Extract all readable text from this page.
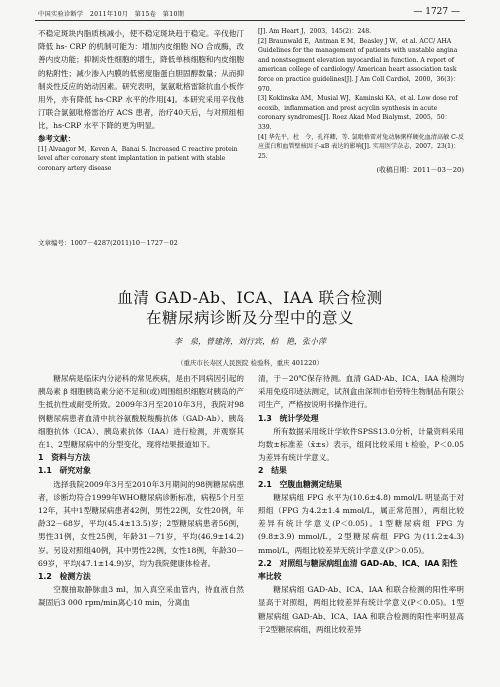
中国实验诊断学　2011年10月　第15卷　第10期	— 1727 —

不稳定斑块内脂质核减小，使不稳定斑块趋于稳定。辛伐他汀降低 hs- CRP 的机制可能为：增加内皮细胞 NO 合成酶，改善内皮功能；抑制炎性细胞的增生，降低单核细胞和内皮细胞的粘附性；减少渗入内膜的低密度脂蛋白胆固醇数量；从而抑制炎性反应的始动因素。研究表明，氯氨吡格雷除抗血小板作用外，亦有降低 hs-CRP 水平的作用[4]。本研究采用辛伐他汀联合氯氨吡格雷治疗 ACS 患者，治疗40天后，与对照组相比，hs-CRP 水平下降的更为明显。

参考文献：

[1] Alvaagor M，Keven A，Banai S. Increased C reactive protein level after coronary stent implantation in patient with stable coronary artery disease

[J]. Am Heart J，2003，145(2)：248.

[2] Braunwald E，Antman E M，Beasley J W，et al. ACC/ AHA Guidelines for the management of patients with unstable angina and nonstsegment elevation myocardial in function. A report of american college of cardiology/ American heart association task force on practice guidelines[J]. J Am Coll Cardiol，2000，36(3)：970.

[3] Koklinska AM，Musial WJ，Kaminski KA，et al. Low dose rof ecoxib，inflammation and prest acyclin synthesis in acute coronary syndromes[J]. Roez Akad Med Bialymst，2005，50：339.

[4] 华先平，杜　令，孔祥卿，等. 氯吡格雷对兔动脉粥样硬化血清高敏 C-反应蛋白和血管壁核因子-κB 表达的影响[J]. 实用医学杂志，2007，23(1)：25.

(收稿日期：2011－03－20)
文章编号：1007－4287(2011)10－1727－02
血清 GAD-Ab、ICA、IAA 联合检测
在糖尿病诊断及分型中的意义
李　泉，曾建涛，刘行宾，柏　艳，张小萍
（重庆市长寿区人民医院 检验科，重庆 401220）

糖尿病是临床内分泌科的常见疾病，是由不同病因引起的胰岛素 β 细胞胰岛素分泌不足和(或)周围组织细胞对胰岛的产生抵抗性或耐受所致。2009年3月至2010年3月，我院对98例糖尿病患者血清中抗谷氨酸脱羧酶抗体（GAD-Ab）、胰岛细胞抗体（ICA）、胰岛素抗体（IAA）进行检测，并观察其在1、2型糖尿病中的分型变化，现将结果报道如下。

1　资料与方法

1.1　研究对象

选择我院2009年3月至2010年3月期间的98例糖尿病患者，诊断均符合1999年WHO糖尿病诊断标准，病程5个月至12年，其中1型糖尿病患者42例，男性22例，女性20例，年龄32－68岁，平均(45.4±13.5)岁；2型糖尿病患者56例，男性31例，女性25例，年龄31－71岁，平均(46.9±14.2)岁。另设对照组40例，其中男性22例，女性18例，年龄30－69岁，平均(47.1±14.9)岁，均为我院健康体检者。

1.2　检测方法

空腹抽取静脉血3 ml，加入真空采血管内，待血液自然凝固后3 000 rpm/min离心10 min，分离血

清，于－20℃保存待测。血清 GAD-Ab、ICA、IAA 检测均采用免疫印迹法测定，试剂盒由深圳市伯劳特生物制品有限公司生产，严格按说明书操作进行。

1.3　统计学处理

所有数据采用统计学软件SPSS13.0分析，计量资料采用均数±标准差（x̄±s）表示，组间比较采用 t 检验，P＜0.05为差异有统计学意义。

2　结果

2.1　空腹血糖测定结果

糖尿病组 FPG 水平为(10.6±4.8) mmol/L 明显高于对照组（FPG 为4.2±1.4 mmol/L，属正常范围），两组比较差异有统计学意义(P＜0.05)。1型糖尿病组 FPG 为(9.8±3.9) mmol/L，2型糖尿病组 FPG 为(11.2±4.3) mmol/L，两组比较差异无统计学意义(P＞0.05)。

2.2　对照组与糖尿病组血清 GAD-Ab、ICA、IAA 阳性率比较

糖尿病组 GAD-Ab、ICA、IAA 和联合检测的阳性率明显高于对照组，两组比较差异有统计学意义(P＜0.05)。1型糖尿病组 GAD-Ab、ICA、IAA 和联合检测的阳性率明显高于2型糖尿病组，两组比较差异
